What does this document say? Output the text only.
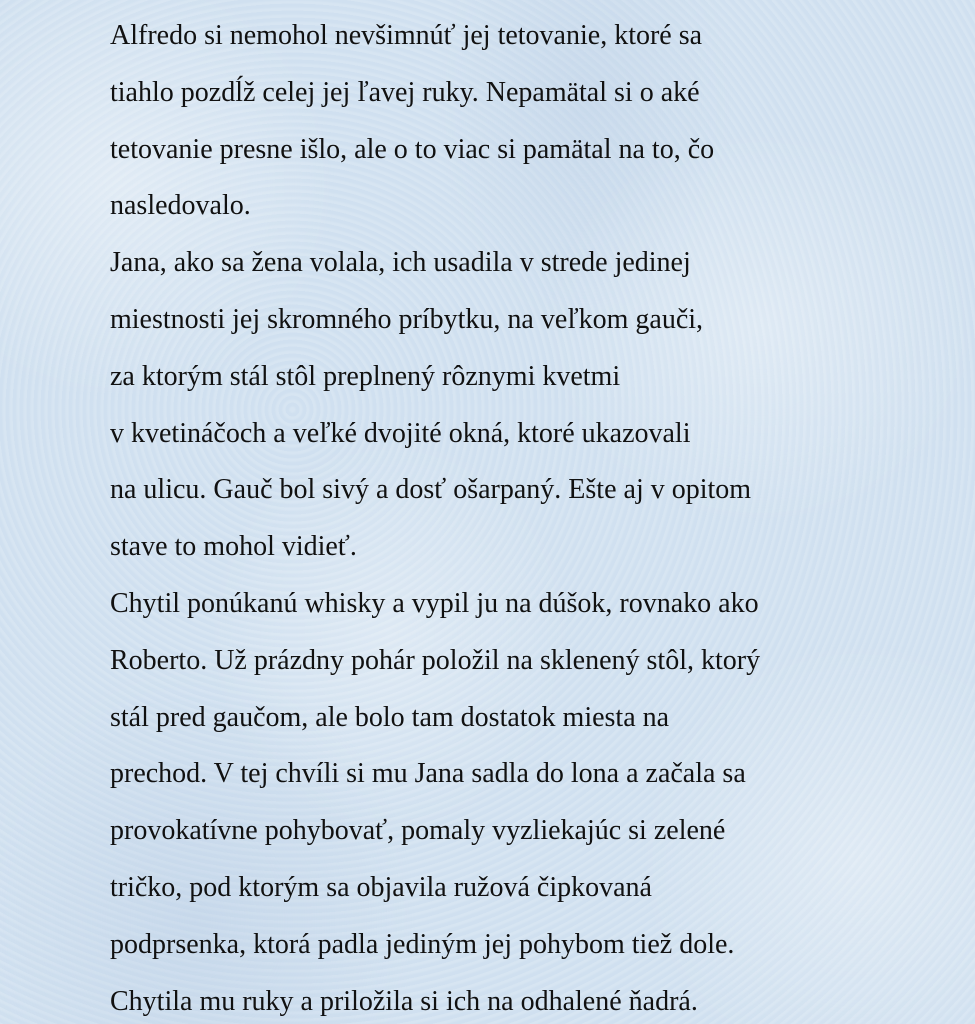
Alfredo si nemohol nevšimnúť jej tetovanie, ktoré sa

tiahlo pozdĺž celej jej ľavej ruky. Nepamätal si o aké

tetovanie presne išlo, ale o to viac si pamätal na to, čo

nasledovalo.

Jana, ako sa žena volala, ich usadila v strede jedinej

miestnosti jej skromného príbytku, na veľkom gauči,

za ktorým stál stôl preplnený rôznymi kvetmi

v kvetináčoch a veľké dvojité okná, ktoré ukazovali

na ulicu. Gauč bol sivý a dosť ošarpaný. Ešte aj v opitom

stave to mohol vidieť.

Chytil ponúkanú whisky a vypil ju na dúšok, rovnako ako

Roberto. Už prázdny pohár položil na sklenený stôl, ktorý

stál pred gaučom, ale bolo tam dostatok miesta na

prechod. V tej chvíli si mu Jana sadla do lona a začala sa

provokatívne pohybovať, pomaly vyzliekajúc si zelené

tričko, pod ktorým sa objavila ružová čipkovaná

podprsenka, ktorá padla jediným jej pohybom tiež dole.

Chytila mu ruky a priložila si ich na odhalené ňadrá.
